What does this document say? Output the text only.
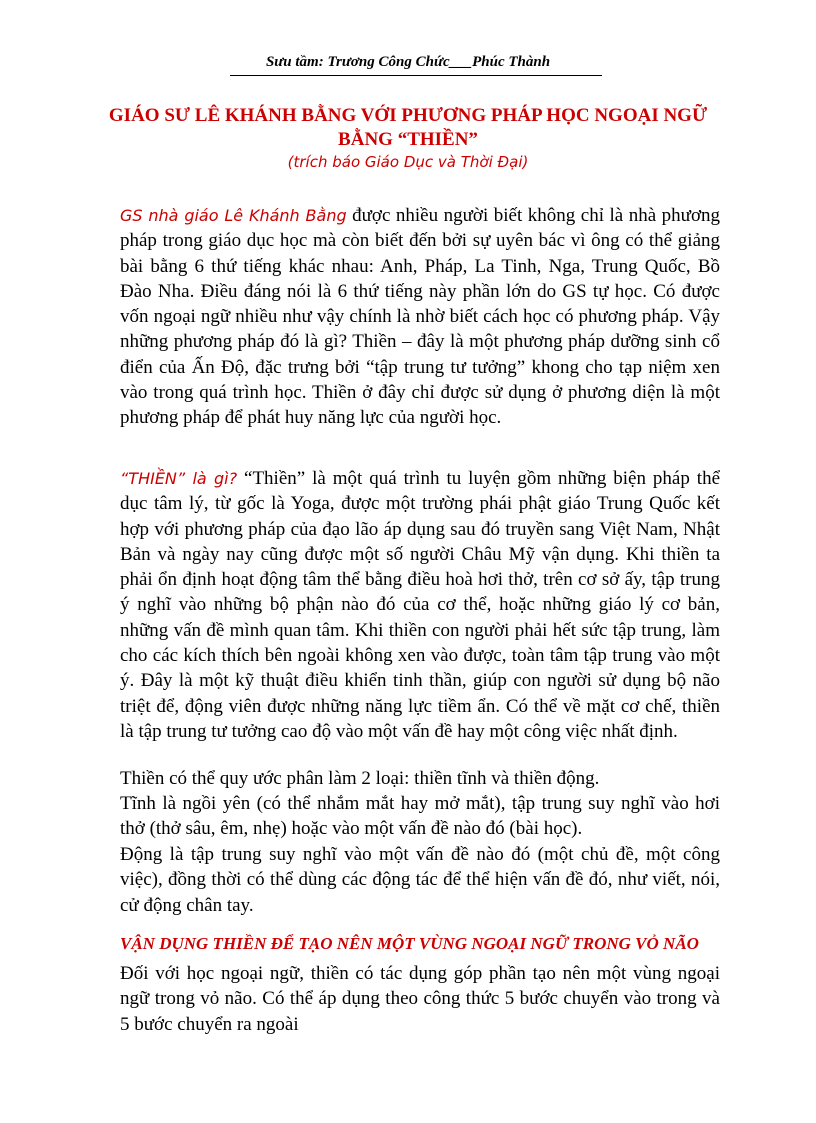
Sưu tầm: Trương Công Chức___Phúc Thành
GIÁO SƯ LÊ KHÁNH BẰNG VỚI PHƯƠNG PHÁP HỌC NGOẠI NGỮ BẰNG “THIỀN”
(trích báo Giáo Dục và Thời Đại)

GS nhà giáo Lê Khánh Bằng được nhiều người biết không chỉ là nhà phương pháp trong giáo dục học mà còn biết đến bởi sự uyên bác vì ông có thể giảng bài bằng 6 thứ tiếng khác nhau: Anh, Pháp, La Tinh, Nga, Trung Quốc, Bồ Đào Nha. Điều đáng nói là 6 thứ tiếng này phần lớn do GS tự học. Có được vốn ngoại ngữ nhiều như vậy chính là nhờ biết cách học có phương pháp. Vậy những phương pháp đó là gì? Thiền – đây là một phương pháp dưỡng sinh cổ điển của Ấn Độ, đặc trưng bởi “tập trung tư tưởng” khong cho tạp niệm xen vào trong quá trình học. Thiền ở đây chỉ được sử dụng ở phương diện là một phương pháp để phát huy năng lực của người học.

“THIỀN” là gì? “Thiền” là một quá trình tu luyện gồm những biện pháp thể dục tâm lý, từ gốc là Yoga, được một trường phái phật giáo Trung Quốc kết hợp với phương pháp của đạo lão áp dụng sau đó truyền sang Việt Nam, Nhật Bản và ngày nay cũng được một số người Châu Mỹ vận dụng. Khi thiền ta phải ổn định hoạt động tâm thể bằng điều hoà hơi thở, trên cơ sở ấy, tập trung ý nghĩ vào những bộ phận nào đó của cơ thể, hoặc những giáo lý cơ bản, những vấn đề mình quan tâm. Khi thiền con người phải hết sức tập trung, làm cho các kích thích bên ngoài không xen vào được, toàn tâm tập trung vào một ý. Đây là một kỹ thuật điều khiển tinh thần, giúp con người sử dụng bộ não triệt để, động viên được những năng lực tiềm ẩn. Có thể về mặt cơ chế, thiền là tập trung tư tưởng cao độ vào một vấn đề hay một công việc nhất định.

Thiền có thể quy ước phân làm 2 loại: thiền tĩnh và thiền động.

Tĩnh là ngồi yên (có thể nhắm mắt hay mở mắt), tập trung suy nghĩ vào hơi thở (thở sâu, êm, nhẹ) hoặc vào một vấn đề nào đó (bài học).

Động là tập trung suy nghĩ vào một vấn đề nào đó (một chủ đề, một công việc), đồng thời có thể dùng các động tác để thể hiện vấn đề đó, như viết, nói, cử động chân tay.

VẬN DỤNG THIỀN ĐỂ TẠO NÊN MỘT VÙNG NGOẠI NGỮ TRONG VỎ NÃO

Đối với học ngoại ngữ, thiền có tác dụng góp phần tạo nên một vùng ngoại ngữ trong vỏ não. Có thể áp dụng theo công thức 5 bước chuyển vào trong và 5 bước chuyển ra ngoài
